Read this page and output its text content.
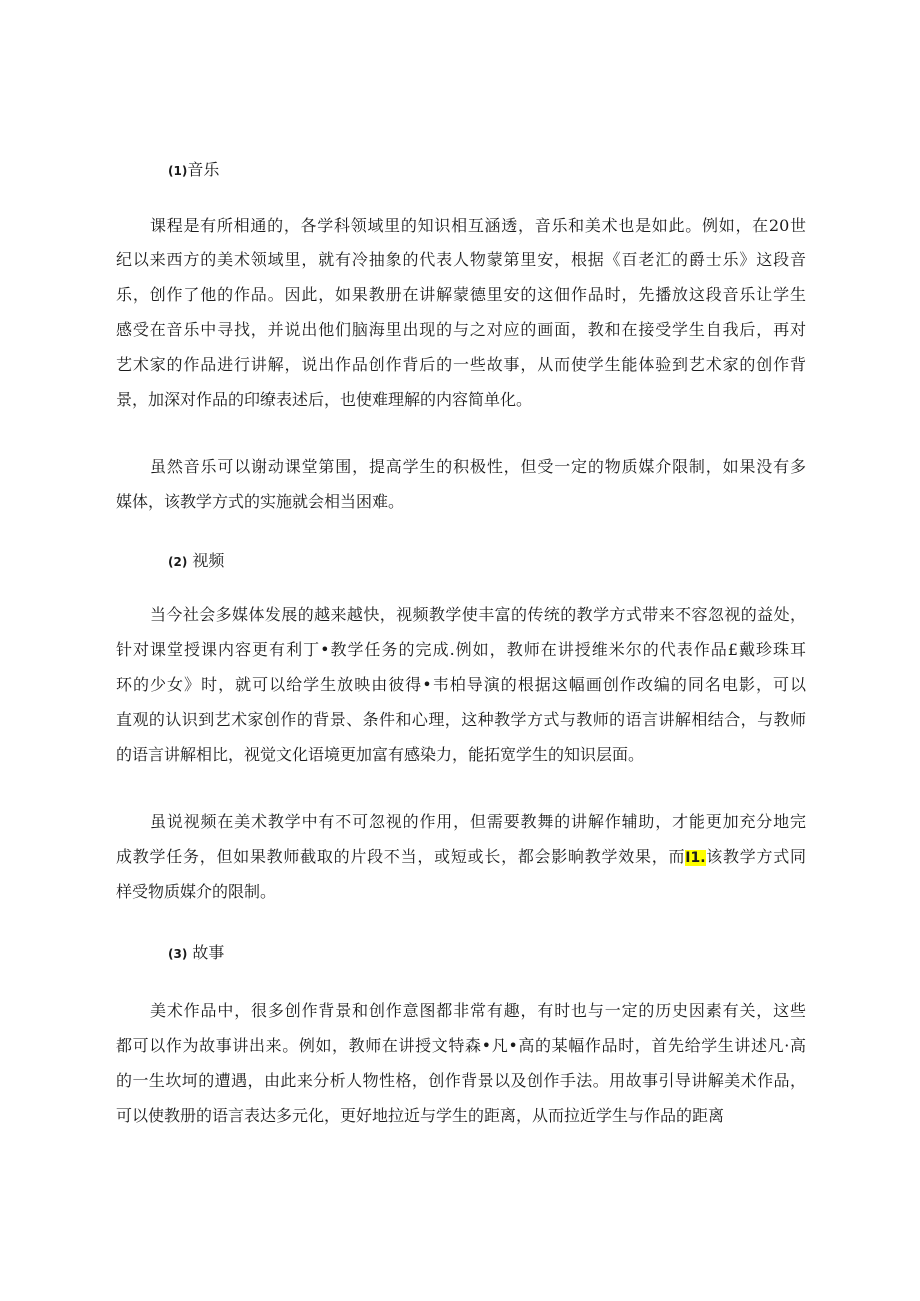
(1)音乐
课程是有所相通的，各学科领域里的知识相互涵透，音乐和美术也是如此。例如，在20世
纪以来西方的美术领域里，就有冷抽象的代表人物蒙第里安，根据《百老汇的爵士乐》这段音
乐，创作了他的作品。因此，如果教册在讲解蒙德里安的这佃作品时，先播放这段音乐让学生
感受在音乐中寻找，并说出他们脑海里出现的与之对应的画面，教和在接受学生自我后，再对
艺术家的作品进行讲解，说出作品创作背后的一些故事，从而使学生能体验到艺术家的创作背
景，加深对作品的印缭表述后，也使难理解的内容简单化。
虽然音乐可以谢动课堂第围，提高学生的积极性，但受一定的物质媒介限制，如果没有多
媒体，该教学方式的实施就会相当困难。
(2) 视频
当今社会多媒体发展的越来越快，视频教学使丰富的传统的教学方式带来不容忽视的益处，
针对课堂授课内容更有利丁•教学任务的完成.例如，教师在讲授维米尔的代表作品£戴珍珠耳
环的少女》时，就可以给学生放映由彼得•韦柏导演的根据这幅画创作改编的同名电影，可以
直观的认识到艺术家创作的背景、条件和心理，这种教学方式与教师的语言讲解相结合，与教师
的语言讲解相比，视觉文化语境更加富有感染力，能拓宽学生的知识层面。
虽说视频在美术教学中有不可忽视的作用，但需要教舞的讲解作辅助，才能更加充分地完
成教学任务，但如果教师截取的片段不当，或短或长，都会影晌教学效果，而I1.该教学方式同
样受物质媒介的限制。
(3) 故事
美术作品中，很多创作背景和创作意图都非常有趣，有时也与一定的历史因素有关，这些
都可以作为故事讲出来。例如，教师在讲授文特森•凡•高的某幅作品时，首先给学生讲述凡·高
的一生坎坷的遭遇，由此来分析人物性格，创作背景以及创作手法。用故事引导讲解美术作品，
可以使教册的语言表达多元化，更好地拉近与学生的距离，从而拉近学生与作品的距离
